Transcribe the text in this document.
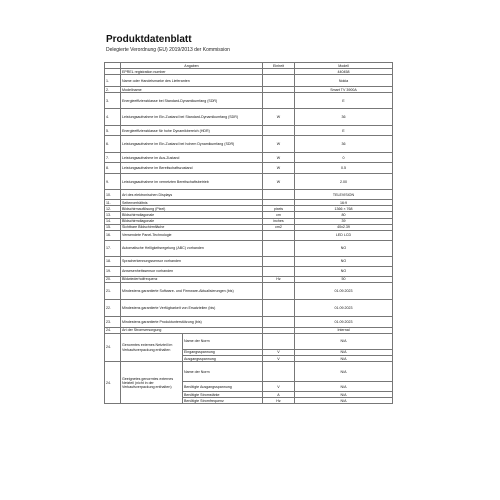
Produktdatenblatt
Delegierte Verordnung (EU) 2019/2013 der Kommission
	Angaben		Einheit	Modell
	EPREL registration number			440458
1.	Name oder Handelsmarke des Lieferanten			Nokia
2.	Modellname			Smart TV 3900A
3.	Energieeffizienzklasse bei Standard-Dynamikumfang (SDR)			E
4.	Leistungsaufnahme im Ein-Zustand bei Standard-Dynamikumfang (SDR)		W	36
5.	Energieeffizienzklasse für hohe Dynamikbereich (HDR)			E
6.	Leistungsaufnahme im Ein-Zustand bei hohem Dynamikumfang (SDR)		W	36
7.	Leistungsaufnahme im Aus-Zustand		W	0
8.	Leistungsaufnahme im Bereitschaftszustand		W	0.5
9.	Leistungsaufnahme im vernetzten Bereitschaftsbetrieb		W	2.00
10.	Art des elektronischen Displays			TELEVISION
11.	Seitenverhältnis			16:9
12.	Bildschirmauflösung (Pixel)		pixels	1366 × 768
13.	Bildschirmdiagonale		cm	80
14.	Bildschirmdiagonale		inches	39
15.	Sichtbare Bildschirmfläche		cm2	40x2.39
16.	Verwendete Panel-Technologie			LED LCD
17.	Automatische Helligkeitsregelung (ABC) vorhanden			NO
18.	Spracherkennungssensor vorhanden			NO
19.	Anwesenheitssensor vorhanden			NO
20.	Bildwiederholfrequenz		Hz	50
21.	Mindestens garantierte Software- und Firmware-Aktualisierungen (bis)			01.09.2023
22.	Mindestens garantierte Verfügbarkeit von Ersatzteilen (bis)			01.09.2023
23.	Mindestens garantierte Produktunterstützung (bis)			01.09.2023
24.	Art der Stromversorgung			Internal
24.	Genormtes externes Netzteil im Verkaufsverpackung enthalten	Name der Norm		N/A
		Eingangsspannung	V	N/A
		Ausgangsspannung	V	N/A
24.	Geeignetes genormtes externes Netzteil (nicht in der Verkaufsverpackung enthalten)	Name der Norm		N/A
		Benötigte Ausgangsspannung	V	N/A
		Benötigte Stromstärke	A	N/A
		Benötigte Stromfrequenz	Hz	N/A
